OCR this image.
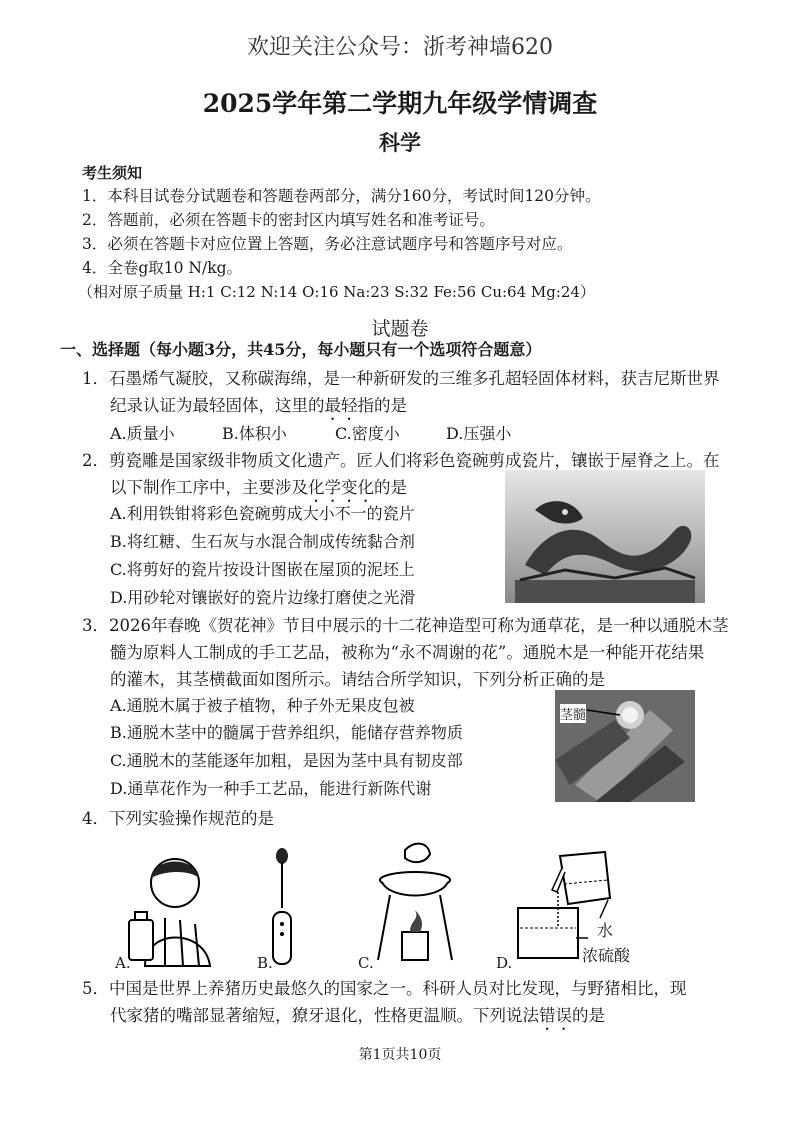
欢迎关注公众号：浙考神墙620
2025学年第二学期九年级学情调查
科学
考生须知
1．本科目试卷分试题卷和答题卷两部分，满分160分，考试时间120分钟。
2．答题前，必须在答题卡的密封区内填写姓名和准考证号。
3．必须在答题卡对应位置上答题，务必注意试题序号和答题序号对应。
4．全卷g取10 N/kg。
（相对原子质量 H:1 C:12 N:14 O:16 Na:23 S:32 Fe:56 Cu:64 Mg:24）
试题卷
一、选择题（每小题3分，共45分，每小题只有一个选项符合题意）
1．石墨烯气凝胶，又称碳海绵，是一种新研发的三维多孔超轻固体材料，获吉尼斯世界
纪录认证为最轻固体，这里的最轻指的是
A.质量小	B.体积小	C.密度小	D.压强小
2．剪瓷雕是国家级非物质文化遗产。匠人们将彩色瓷碗剪成瓷片，镶嵌于屋脊之上。在
以下制作工序中，主要涉及化学变化的是
A.利用铁钳将彩色瓷碗剪成大小不一的瓷片
B.将红糖、生石灰与水混合制成传统黏合剂
C.将剪好的瓷片按设计图嵌在屋顶的泥坯上
D.用砂轮对镶嵌好的瓷片边缘打磨使之光滑
3．2026年春晚《贺花神》节目中展示的十二花神造型可称为通草花，是一种以通脱木茎
髓为原料人工制成的手工艺品，被称为“永不凋谢的花”。通脱木是一种能开花结果
的灌木，其茎横截面如图所示。请结合所学知识，下列分析正确的是
A.通脱木属于被子植物，种子外无果皮包被
B.通脱木茎中的髓属于营养组织，能储存营养物质
C.通脱木的茎能逐年加粗，是因为茎中具有韧皮部
D.通草花作为一种手工艺品，能进行新陈代谢
茎髓
4．下列实验操作规范的是
A.	B.	C.
水
浓硫酸
D.
5．中国是世界上养猪历史最悠久的国家之一。科研人员对比发现，与野猪相比，现
代家猪的嘴部显著缩短，獠牙退化，性格更温顺。下列说法错误的是
第1页共10页
